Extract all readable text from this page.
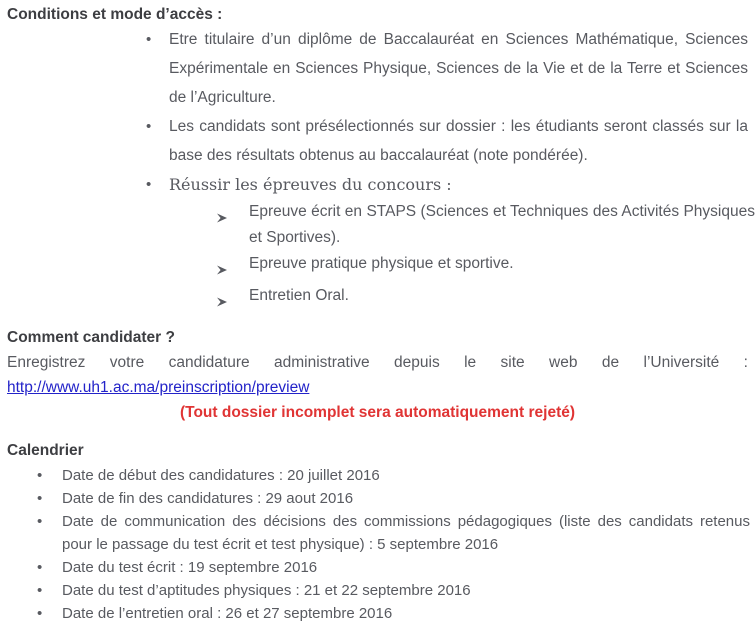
Conditions et mode d’accès :

•	Etre titulaire d’un diplôme de Baccalauréat en Sciences Mathématique, Sciences Expérimentale en Sciences Physique, Sciences de la Vie et de la Terre et Sciences de l’Agriculture.
•	Les candidats sont présélectionnés sur dossier : les étudiants seront classés sur la base des résultats obtenus au baccalauréat (note pondérée).
•	Réussir les épreuves du concours :
Epreuve écrit en STAPS (Sciences et Techniques des Activités Physiques et Sportives).
Epreuve pratique physique et sportive.
Entretien Oral.

Comment candidater ?

Enregistrez votre candidature administrative depuis le site web de l’Université :
http://www.uh1.ac.ma/preinscription/preview
(Tout dossier incomplet sera automatiquement rejeté)

Calendrier

•	Date de début des candidatures : 20 juillet 2016
•	Date de fin des candidatures : 29 aout 2016
•	Date de communication des décisions des commissions pédagogiques (liste des candidats retenus pour le passage du test écrit et test physique) : 5 septembre 2016
•	Date du test écrit : 19 septembre 2016
•	Date du test d’aptitudes physiques : 21 et 22 septembre 2016
•	Date de l’entretien oral : 26 et 27 septembre 2016
